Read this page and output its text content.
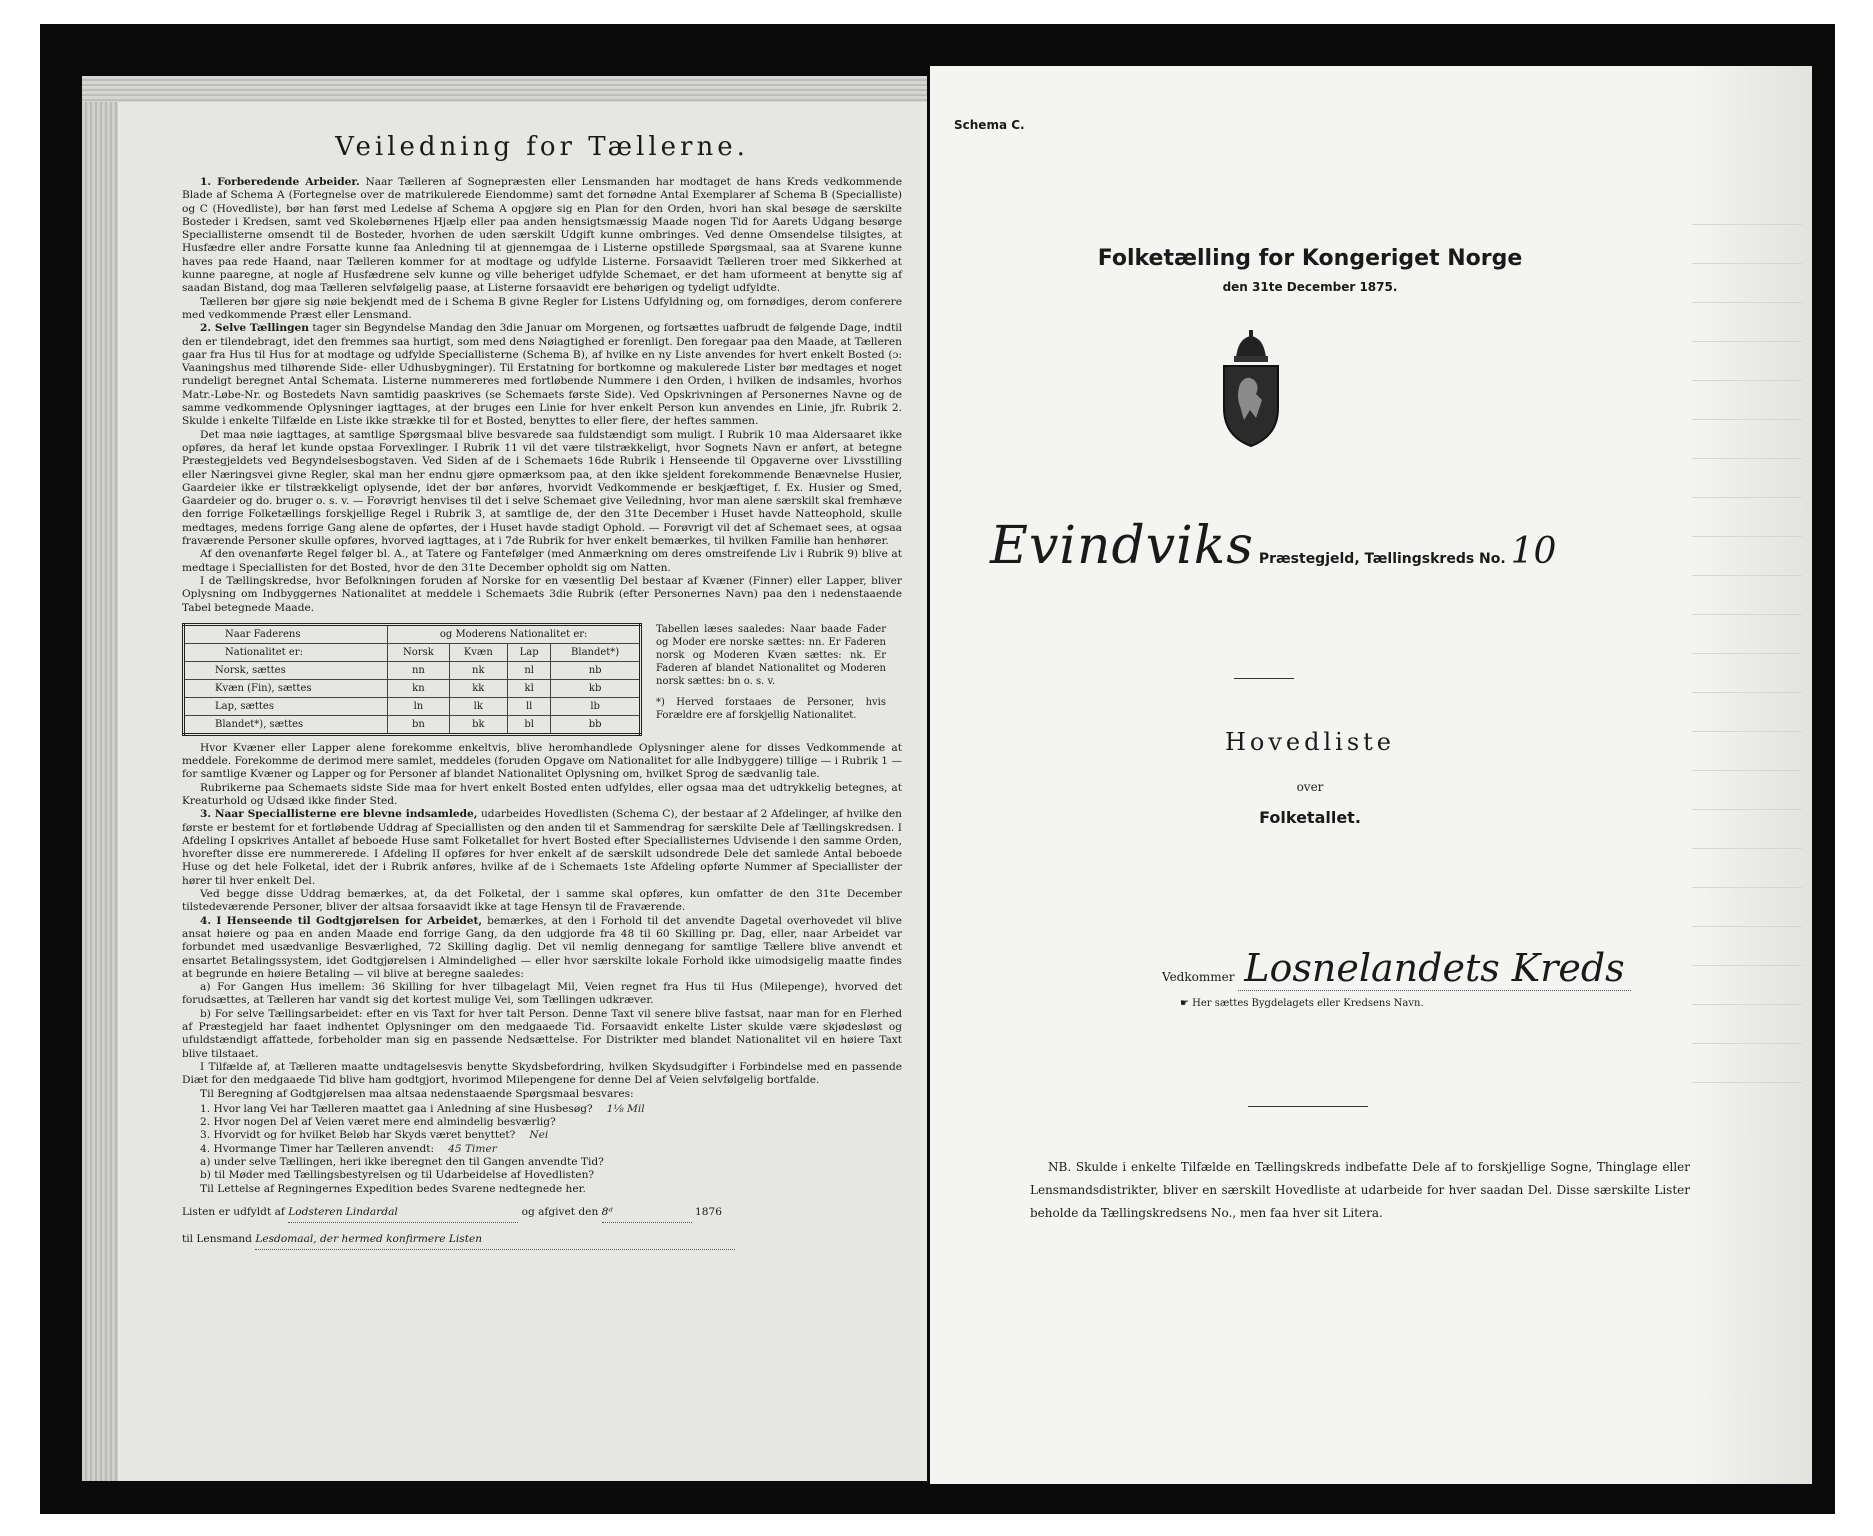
Veiledning for Tællerne.

1. Forberedende Arbeider. Naar Tælleren af Sognepræsten eller Lensmanden har modtaget de hans Kreds vedkommende Blade af Schema A (Fortegnelse over de matrikulerede Eiendomme) samt det fornødne Antal Exemplarer af Schema B (Specialliste) og C (Hovedliste), bør han først med Ledelse af Schema A opgjøre sig en Plan for den Orden, hvori han skal besøge de særskilte Bosteder i Kredsen, samt ved Skolebørnenes Hjælp eller paa anden hensigtsmæssig Maade nogen Tid for Aarets Udgang besørge Speciallisterne omsendt til de Bosteder, hvorhen de uden særskilt Udgift kunne ombringes. Ved denne Omsendelse tilsigtes, at Husfædre eller andre Forsatte kunne faa Anledning til at gjennemgaa de i Listerne opstillede Spørgsmaal, saa at Svarene kunne haves paa rede Haand, naar Tælleren kommer for at modtage og udfylde Listerne. Forsaavidt Tælleren troer med Sikkerhed at kunne paaregne, at nogle af Husfædrene selv kunne og ville beheriget udfylde Schemaet, er det ham uformeent at benytte sig af saadan Bistand, dog maa Tælleren selvfølgelig paase, at Listerne forsaavidt ere behørigen og tydeligt udfyldte.

Tælleren bør gjøre sig nøie bekjendt med de i Schema B givne Regler for Listens Udfyldning og, om fornødiges, derom conferere med vedkommende Præst eller Lensmand.

2. Selve Tællingen tager sin Begyndelse Mandag den 3die Januar om Morgenen, og fortsættes uafbrudt de følgende Dage, indtil den er tilendebragt, idet den fremmes saa hurtigt, som med dens Nøiagtighed er forenligt. Den foregaar paa den Maade, at Tælleren gaar fra Hus til Hus for at modtage og udfylde Speciallisterne (Schema B), af hvilke en ny Liste anvendes for hvert enkelt Bosted (ɔ: Vaaningshus med tilhørende Side- eller Udhusbygninger). Til Erstatning for bortkomne og makulerede Lister bør medtages et noget rundeligt beregnet Antal Schemata. Listerne nummereres med fortløbende Nummere i den Orden, i hvilken de indsamles, hvorhos Matr.-Løbe-Nr. og Bostedets Navn samtidig paaskrives (se Schemaets første Side). Ved Opskrivningen af Personernes Navne og de samme vedkommende Oplysninger iagttages, at der bruges een Linie for hver enkelt Person kun anvendes en Linie, jfr. Rubrik 2. Skulde i enkelte Tilfælde en Liste ikke strække til for et Bosted, benyttes to eller flere, der heftes sammen.

Det maa nøie iagttages, at samtlige Spørgsmaal blive besvarede saa fuldstændigt som muligt. I Rubrik 10 maa Aldersaaret ikke opføres, da heraf let kunde opstaa Forvexlinger. I Rubrik 11 vil det være tilstrækkeligt, hvor Sognets Navn er anført, at betegne Præstegjeldets ved Begyndelsesbogstaven. Ved Siden af de i Schemaets 16de Rubrik i Henseende til Opgaverne over Livsstilling eller Næringsvei givne Regler, skal man her endnu gjøre opmærksom paa, at den ikke sjeldent forekommende Benævnelse Husier, Gaardeier ikke er tilstrækkeligt oplysende, idet der bør anføres, hvorvidt Vedkommende er beskjæftiget, f. Ex. Husier og Smed, Gaardeier og do. bruger o. s. v. — Forøvrigt henvises til det i selve Schemaet give Veiledning, hvor man alene særskilt skal fremhæve den forrige Folketællings forskjellige Regel i Rubrik 3, at samtlige de, der den 31te December i Huset havde Natteophold, skulle medtages, medens forrige Gang alene de opførtes, der i Huset havde stadigt Ophold. — Forøvrigt vil det af Schemaet sees, at ogsaa fraværende Personer skulle opføres, hvorved iagttages, at i 7de Rubrik for hver enkelt bemærkes, til hvilken Familie han henhører.

Af den ovenanførte Regel følger bl. A., at Tatere og Fantefølger (med Anmærkning om deres omstreifende Liv i Rubrik 9) blive at medtage i Speciallisten for det Bosted, hvor de den 31te December opholdt sig om Natten.

I de Tællingskredse, hvor Befolkningen foruden af Norske for en væsentlig Del bestaar af Kvæner (Finner) eller Lapper, bliver Oplysning om Indbyggernes Nationalitet at meddele i Schemaets 3die Rubrik (efter Personernes Navn) paa den i nedenstaaende Tabel betegnede Maade.

Naar Faderens	og Moderens Nationalitet er:			
Nationalitet er:	Norsk	Kvæn	Lap	Blandet*)
Norsk, sættes	nn	nk	nl	nb
Kvæn (Fin), sættes	kn	kk	kl	kb
Lap, sættes	ln	lk	ll	lb
Blandet*), sættes	bn	bk	bl	bb
Tabellen læses saaledes: Naar baade Fader og Moder ere norske sættes: nn. Er Faderen norsk og Moderen Kvæn sættes: nk. Er Faderen af blandet Nationalitet og Moderen norsk sættes: bn o. s. v.
*) Herved forstaaes de Personer, hvis Forældre ere af forskjellig Nationalitet.

Hvor Kvæner eller Lapper alene forekomme enkeltvis, blive heromhandlede Oplysninger alene for disses Vedkommende at meddele. Forekomme de derimod mere samlet, meddeles (foruden Opgave om Nationalitet for alle Indbyggere) tillige — i Rubrik 1 — for samtlige Kvæner og Lapper og for Personer af blandet Nationalitet Oplysning om, hvilket Sprog de sædvanlig tale.

Rubrikerne paa Schemaets sidste Side maa for hvert enkelt Bosted enten udfyldes, eller ogsaa maa det udtrykkelig betegnes, at Kreaturhold og Udsæd ikke finder Sted.

3. Naar Speciallisterne ere blevne indsamlede, udarbeides Hovedlisten (Schema C), der bestaar af 2 Afdelinger, af hvilke den første er bestemt for et fortløbende Uddrag af Speciallisten og den anden til et Sammendrag for særskilte Dele af Tællingskredsen. I Afdeling I opskrives Antallet af beboede Huse samt Folketallet for hvert Bosted efter Speciallisternes Udvisende i den samme Orden, hvorefter disse ere nummererede. I Afdeling II opføres for hver enkelt af de særskilt udsondrede Dele det samlede Antal beboede Huse og det hele Folketal, idet der i Rubrik anføres, hvilke af de i Schemaets 1ste Afdeling opførte Nummer af Speciallister der hører til hver enkelt Del.

Ved begge disse Uddrag bemærkes, at, da det Folketal, der i samme skal opføres, kun omfatter de den 31te December tilstedeværende Personer, bliver der altsaa forsaavidt ikke at tage Hensyn til de Fraværende.

4. I Henseende til Godtgjørelsen for Arbeidet, bemærkes, at den i Forhold til det anvendte Dagetal overhovedet vil blive ansat høiere og paa en anden Maade end forrige Gang, da den udgjorde fra 48 til 60 Skilling pr. Dag, eller, naar Arbeidet var forbundet med usædvanlige Besværlighed, 72 Skilling daglig. Det vil nemlig dennegang for samtlige Tællere blive anvendt et ensartet Betalingssystem, idet Godtgjørelsen i Almindelighed — eller hvor særskilte lokale Forhold ikke uimodsigelig maatte findes at begrunde en høiere Betaling — vil blive at beregne saaledes:

a) For Gangen Hus imellem: 36 Skilling for hver tilbagelagt Mil, Veien regnet fra Hus til Hus (Milepenge), hvorved det forudsættes, at Tælleren har vandt sig det kortest mulige Vei, som Tællingen udkræver.

b) For selve Tællingsarbeidet: efter en vis Taxt for hver talt Person. Denne Taxt vil senere blive fastsat, naar man for en Flerhed af Præstegjeld har faaet indhentet Oplysninger om den medgaaede Tid. Forsaavidt enkelte Lister skulde være skjødesløst og ufuldstændigt affattede, forbeholder man sig en passende Nedsættelse. For Distrikter med blandet Nationalitet vil en høiere Taxt blive tilstaaet.

I Tilfælde af, at Tælleren maatte undtagelsesvis benytte Skydsbefordring, hvilken Skydsudgifter i Forbindelse med en passende Diæt for den medgaaede Tid blive ham godtgjort, hvorimod Milepengene for denne Del af Veien selvfølgelig bortfalde.

Til Beregning af Godtgjørelsen maa altsaa nedenstaaende Spørgsmaal besvares:

1. Hvor lang Vei har Tælleren maattet gaa i Anledning af sine Husbesøg? 1⅛ Mil
2. Hvor nogen Del af Veien været mere end almindelig besværlig?
3. Hvorvidt og for hvilket Beløb har Skyds været benyttet? Nei
4. Hvormange Timer har Tælleren anvendt: 45 Timer
a) under selve Tællingen, heri ikke iberegnet den til Gangen anvendte Tid?
b) til Møder med Tællingsbestyrelsen og til Udarbeidelse af Hovedlisten?
Til Lettelse af Regningernes Expedition bedes Svarene nedtegnede her.
Listen er udfyldt af Lodsteren Lindardal	og afgivet den 8ᵈ	1876
til Lensmand Lesdomaal, der hermed konfirmere Listen
Schema C.
Folketælling for Kongeriget Norge
den 31te December 1875.
Evindviks Præstegjeld, Tællingskreds No. 10
Hovedliste
over
Folketallet.
Vedkommer Losnelandets Kreds
☛ Her sættes Bygdelagets eller Kredsens Navn.
NB. Skulde i enkelte Tilfælde en Tællingskreds indbefatte Dele af to forskjellige Sogne, Thinglage eller Lensmandsdistrikter, bliver en særskilt Hovedliste at udarbeide for hver saadan Del. Disse særskilte Lister beholde da Tællingskredsens No., men faa hver sit Litera.
